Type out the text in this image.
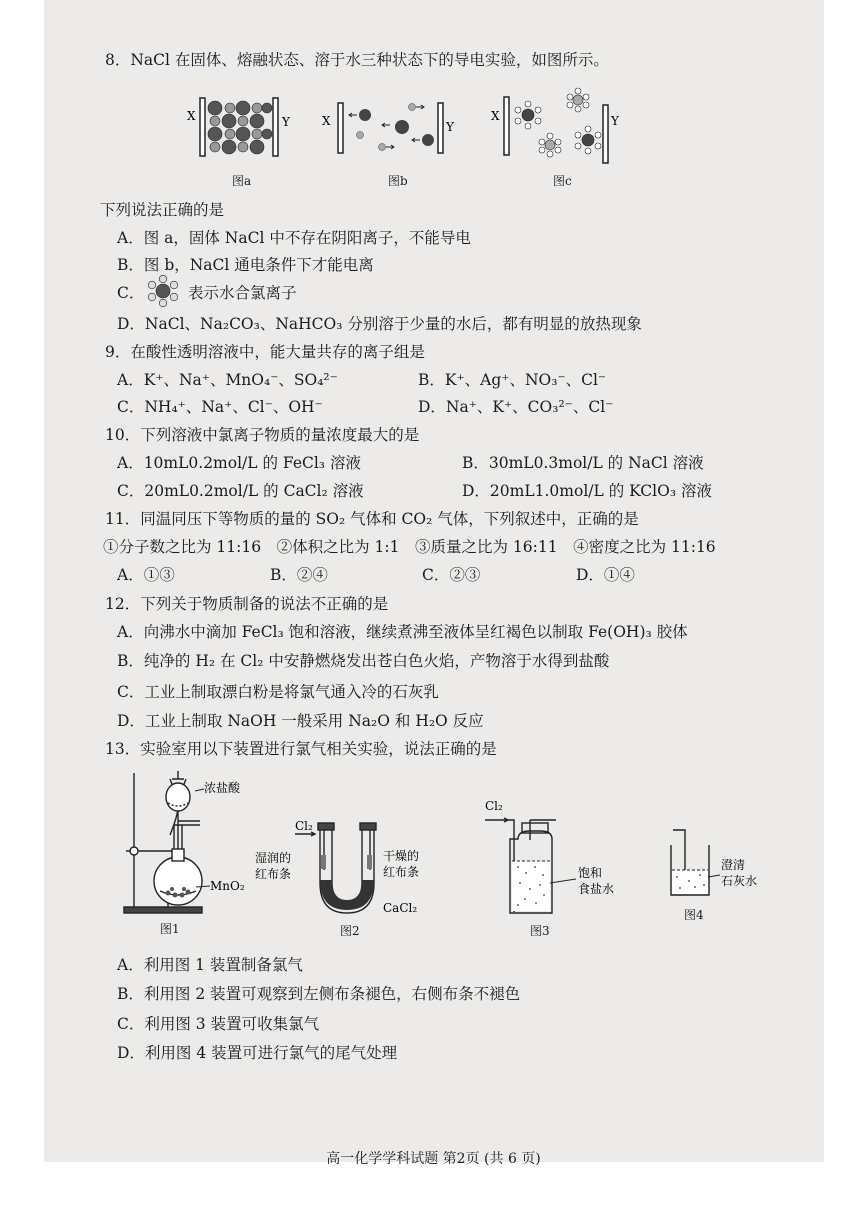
8．NaCl 在固体、熔融状态、溶于水三种状态下的导电实验，如图所示。
X	Y
图a
X	Y
图b
X	Y
图c
下列说法正确的是
A．图 a，固体 NaCl 中不存在阴阳离子，不能导电
B．图 b，NaCl 通电条件下才能电离
C．	表示水合氯离子
D．NaCl、Na₂CO₃、NaHCO₃ 分别溶于少量的水后，都有明显的放热现象
9．在酸性透明溶液中，能大量共存的离子组是
A．K⁺、Na⁺、MnO₄⁻、SO₄²⁻	B．K⁺、Ag⁺、NO₃⁻、Cl⁻
C．NH₄⁺、Na⁺、Cl⁻、OH⁻	D．Na⁺、K⁺、CO₃²⁻、Cl⁻
10．下列溶液中氯离子物质的量浓度最大的是
A．10mL0.2mol/L 的 FeCl₃ 溶液	B．30mL0.3mol/L 的 NaCl 溶液
C．20mL0.2mol/L 的 CaCl₂ 溶液	D．20mL1.0mol/L 的 KClO₃ 溶液
11．同温同压下等物质的量的 SO₂ 气体和 CO₂ 气体，下列叙述中，正确的是
①分子数之比为 11:16　②体积之比为 1:1　③质量之比为 16:11　④密度之比为 11:16
A．①③	B．②④	C．②③	D．①④
12．下列关于物质制备的说法不正确的是
A．向沸水中滴加 FeCl₃ 饱和溶液，继续煮沸至液体呈红褐色以制取 Fe(OH)₃ 胶体
B．纯净的 H₂ 在 Cl₂ 中安静燃烧发出苍白色火焰，产物溶于水得到盐酸
C．工业上制取漂白粉是将氯气通入冷的石灰乳
D．工业上制取 NaOH 一般采用 Na₂O 和 H₂O 反应
13．实验室用以下装置进行氯气相关实验，说法正确的是
浓盐酸
MnO₂
图1
Cl₂
湿润的
红布条
干燥的
红布条
CaCl₂
图2
Cl₂
饱和
食盐水
图3
澄清
石灰水
图4
A．利用图 1 装置制备氯气
B．利用图 2 装置可观察到左侧布条褪色，右侧布条不褪色
C．利用图 3 装置可收集氯气
D．利用图 4 装置可进行氯气的尾气处理
高一化学学科试题 第2页 (共 6 页)
